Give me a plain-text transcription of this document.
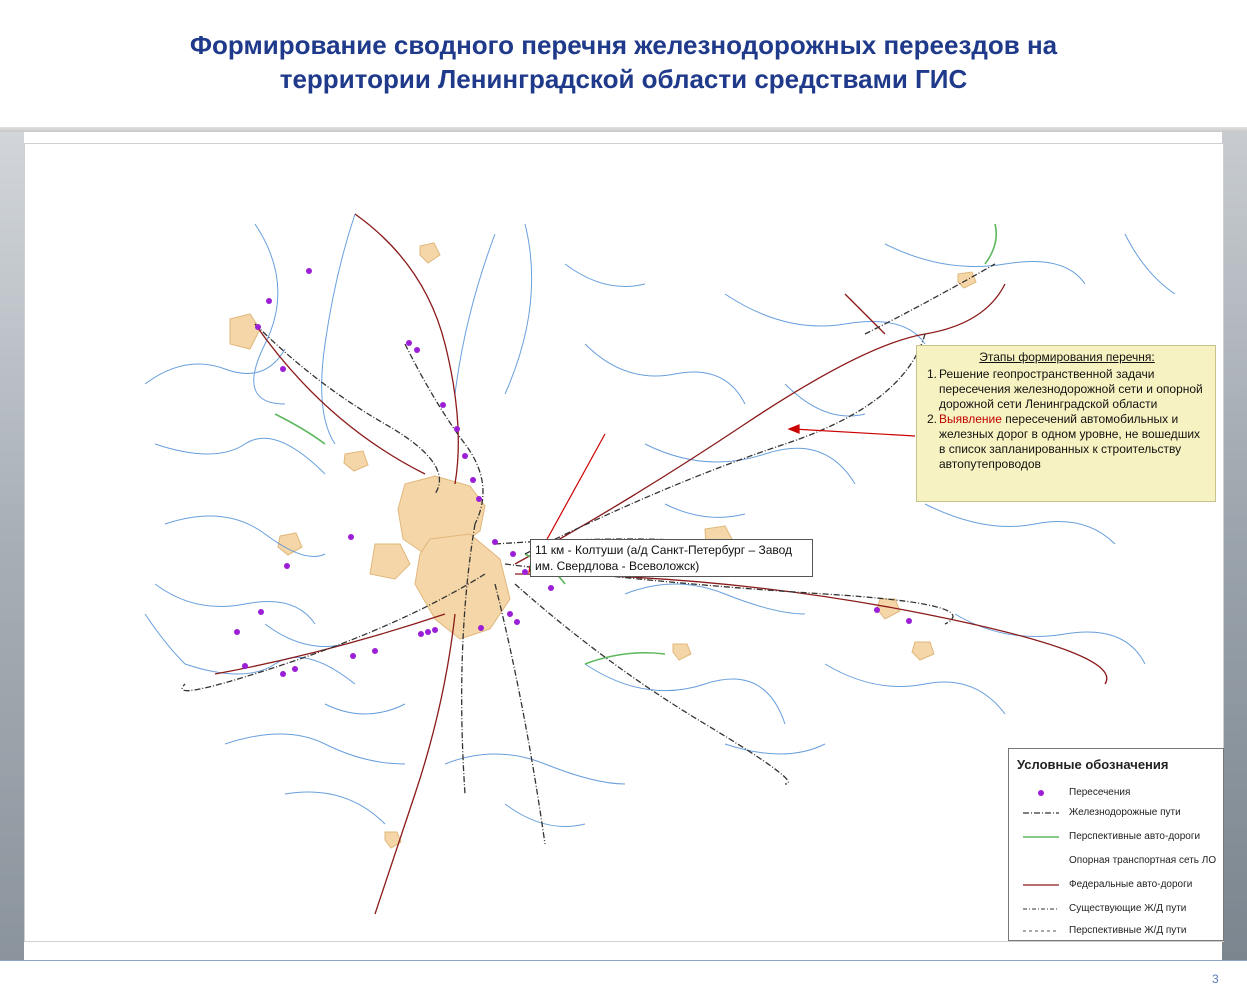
Формирование сводного перечня железнодорожных переездов на
территории Ленинградской области средствами ГИС
11 км - Колтуши (а/д Санкт-Петербург – Завод им. Свердлова - Всеволожск)
Этапы формирования перечня:
1. Решение геопространственной задачи пересечения железнодорожной сети и опорной дорожной сети Ленинградской области
2. Выявление пересечений автомобильных и железных дорог в одном уровне, не вошедших в список запланированных к строительству автопутепроводов
Условные обозначения
Пересечения
Железнодорожные пути
Перспективные авто-дороги
Опорная транспортная сеть ЛО
Федеральные авто-дороги
Существующие Ж/Д пути
Перспективные Ж/Д пути
3
